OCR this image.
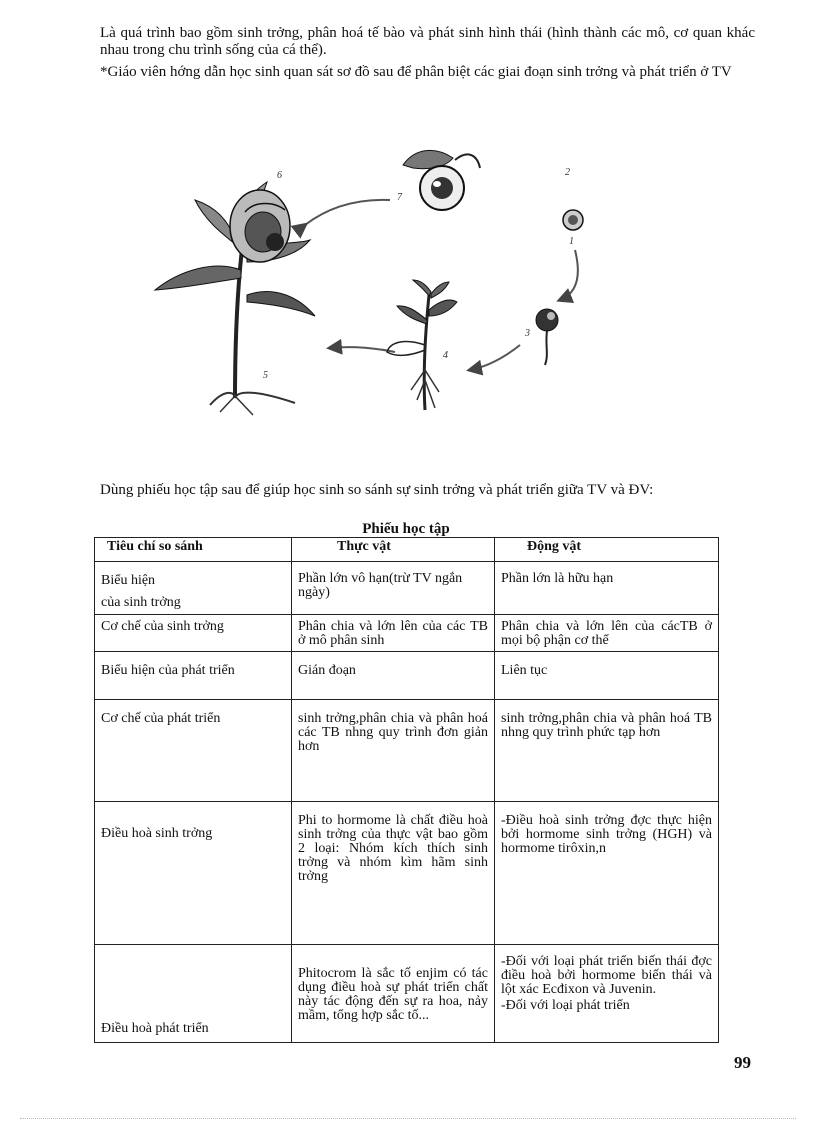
Là quá trình bao gồm sinh trởng, phân hoá tế bào và phát sinh hình thái (hình thành các mô, cơ quan khác nhau trong chu trình sống của cá thể).
*Giáo viên hớng dẫn học sinh quan sát sơ đồ sau để phân biệt các giai đoạn sinh trởng và phát triển ở TV
6
5
7
2
1
3
4
Dùng phiếu học tập sau để giúp học sinh so sánh sự sinh trởng và phát triển giữa TV và ĐV:
Phiếu học tập
Tiêu chí so sánh	Thực vật	Động vật

Biểu hiện
của sinh trởng	Phần lớn vô hạn(trừ TV ngắn ngày)	Phần lớn là hữu hạn
Cơ chế của sinh trởng	Phân chia và lớn lên của các TB ở mô phân sinh	Phân chia và lớn lên của cácTB ở mọi bộ phận cơ thể
Biểu hiện của phát triển	Gián đoạn	Liên tục
Cơ chế của phát triển	sinh trởng,phân chia và phân hoá các TB nhng quy trình đơn giản hơn	sinh trởng,phân chia và phân hoá TB nhng quy trình phức tạp hơn
Điều hoà sinh trởng	Phi to hormome là chất điều hoà sinh trởng của thực vật bao gồm 2 loại: Nhóm kích thích sinh trởng và nhóm kìm hãm sinh trởng	-Điều hoà sinh trởng đợc thực hiện bởi hormome sinh trởng (HGH) và hormome tirôxin,n
Điều hoà phát triển	Phitocrom là sắc tố enjim có tác dụng điều hoà sự phát triển chất này tác động đến sự ra hoa, nảy mầm, tổng hợp sắc tố...	-Đối với loại phát triển biến thái đợc điều hoà bởi hormome biến thái và lột xác Ecđixon và Juvenin.
-Đối với loại phát triển
99
